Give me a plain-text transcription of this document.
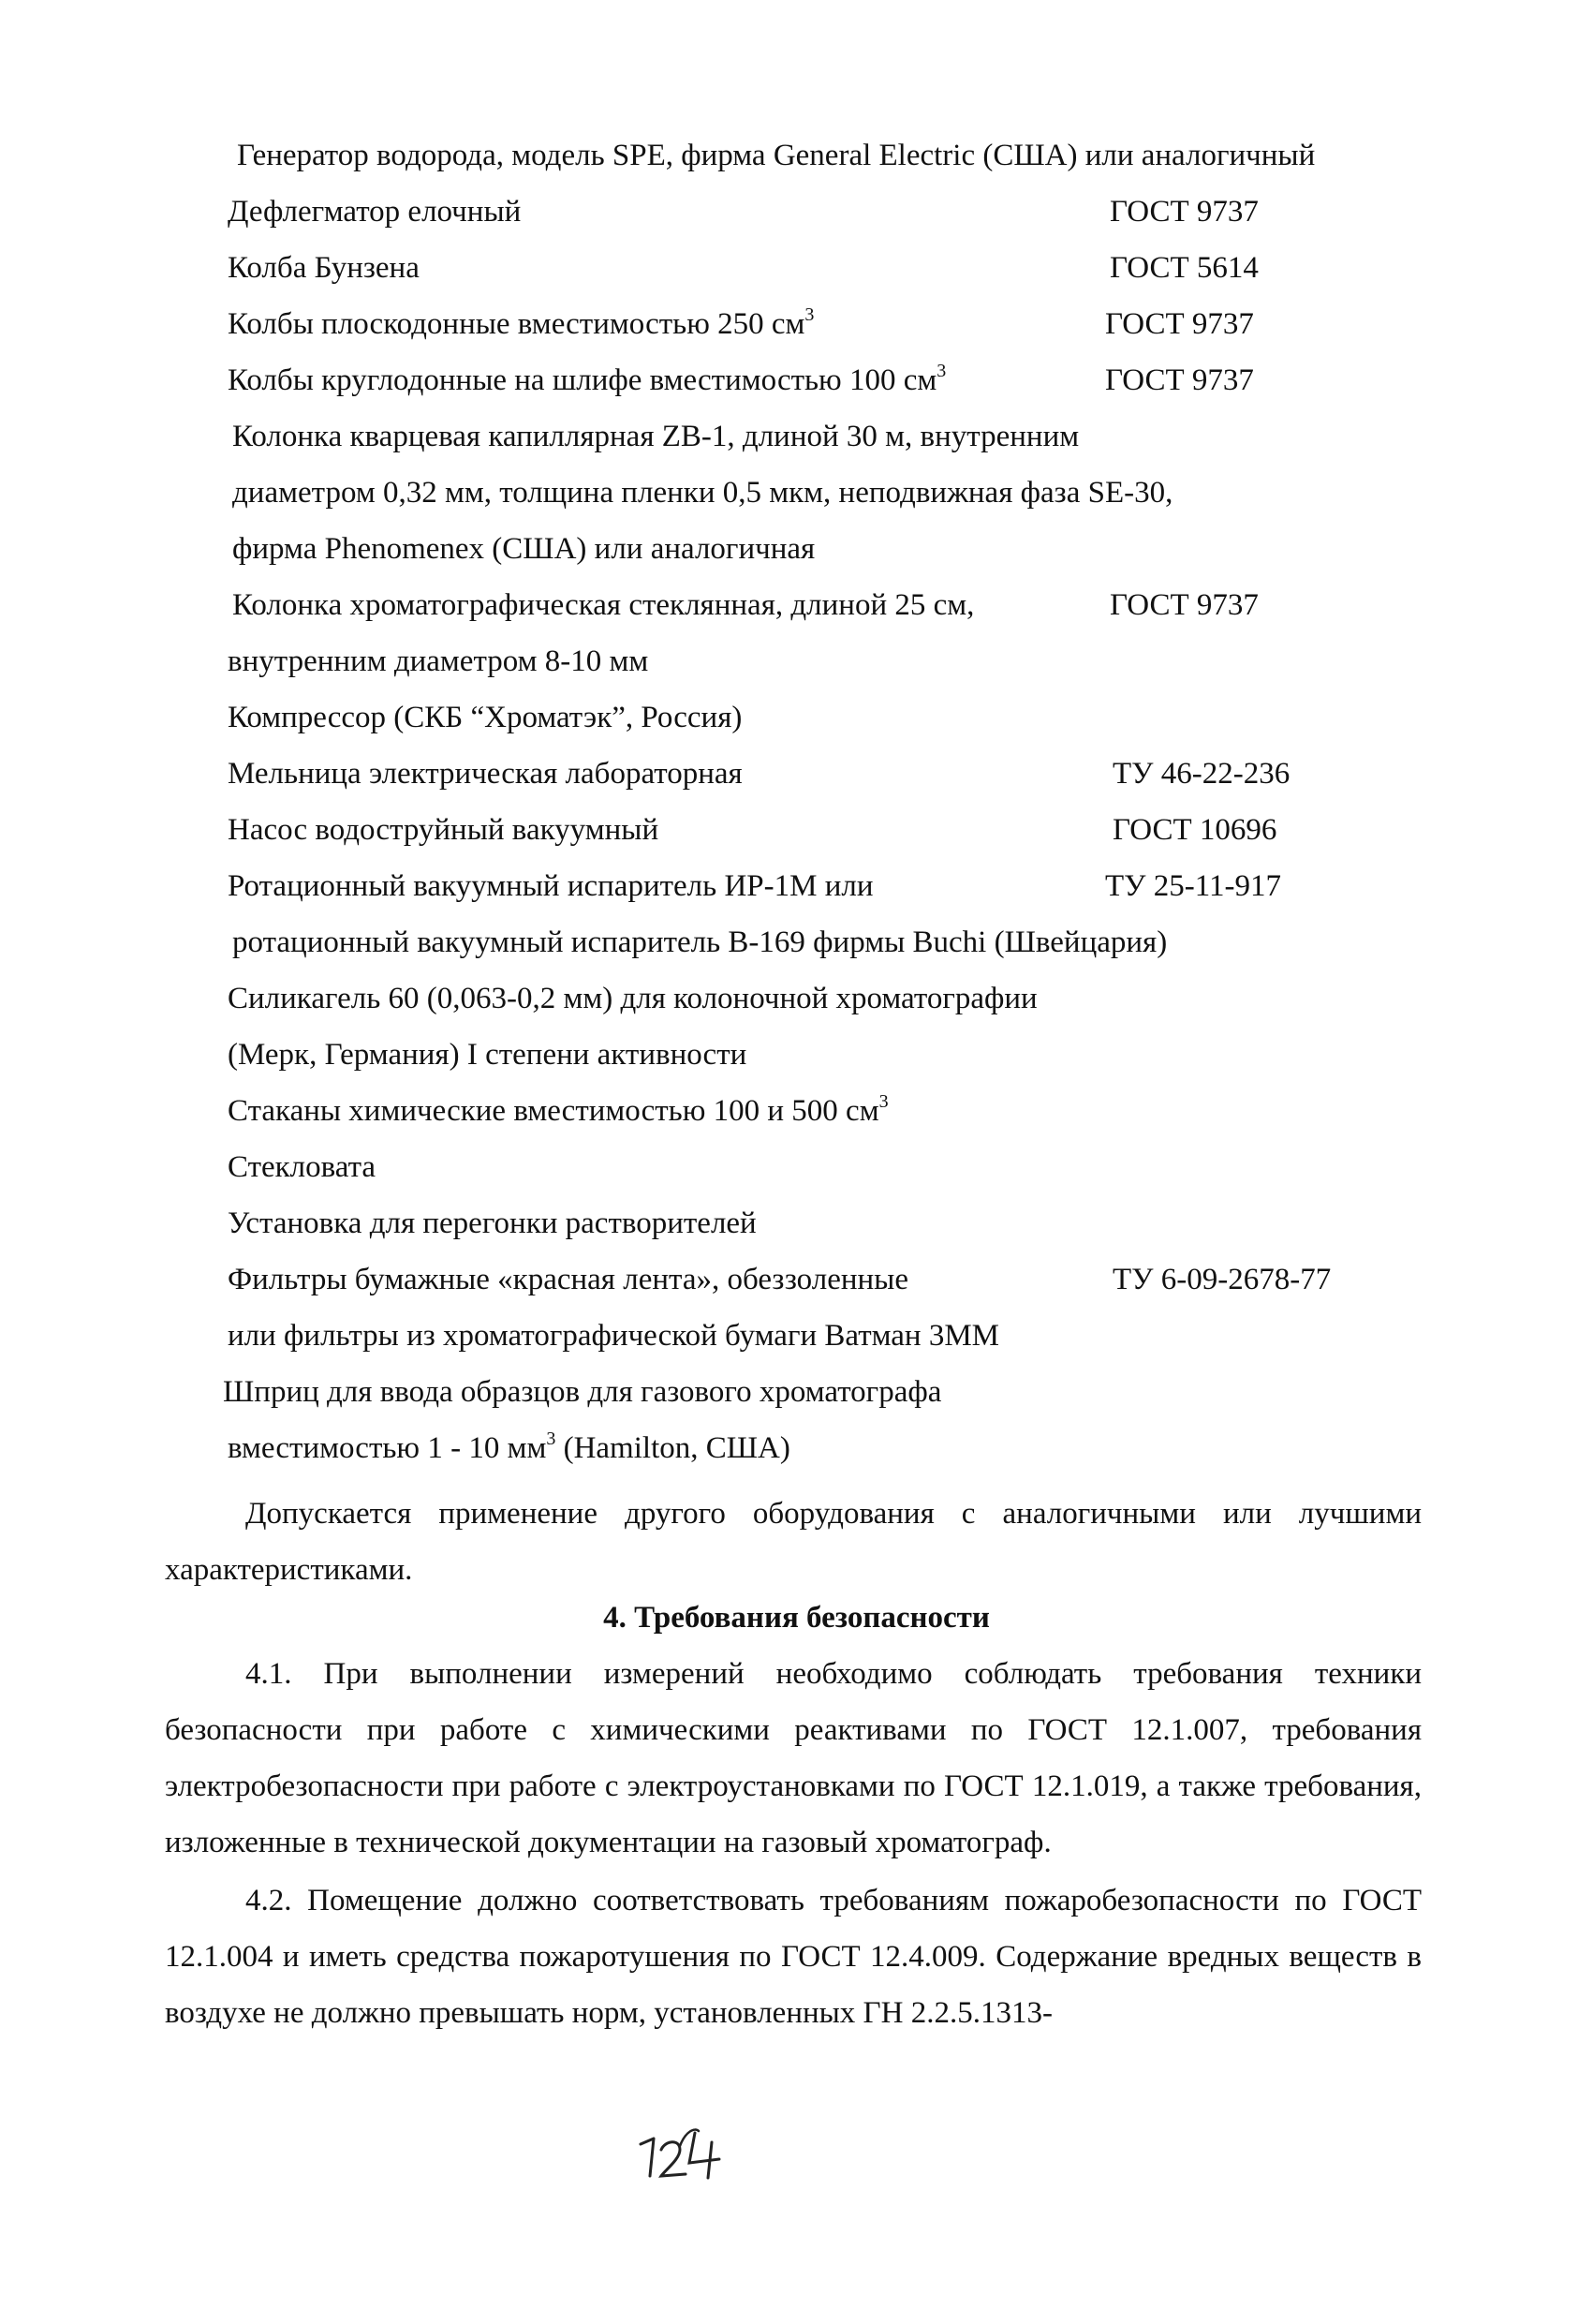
Генератор водорода, модель SPE, фирма General Electric (США) или аналогичный
Дефлегматор елочный	ГОСТ 9737
Колба Бунзена	ГОСТ 5614
Колбы плоскодонные вместимостью 250 $см^3$	ГОСТ 9737
Колбы круглодонные на шлифе вместимостью 100 $см^3$	ГОСТ 9737
Колонка кварцевая капиллярная ZB-1, длиной 30 м, внутренним
диаметром 0,32 мм, толщина пленки 0,5 мкм, неподвижная фаза SE-30,
фирма Phenomenex (США) или аналогичная
Колонка хроматографическая стеклянная, длиной 25 см,	ГОСТ 9737
внутренним диаметром 8-10 мм
Компрессор (СКБ “Хроматэк”, Россия)
Мельница электрическая лабораторная	ТУ 46-22-236
Насос водоструйный вакуумный	ГОСТ 10696
Ротационный вакуумный испаритель ИР-1М или	ТУ 25-11-917
ротационный вакуумный испаритель В-169 фирмы Buchi (Швейцария)
Силикагель 60 (0,063-0,2 мм) для колоночной хроматографии
(Мерк, Германия) I степени активности
Стаканы химические вместимостью 100 и 500 $см^3$
Стекловата
Установка для перегонки растворителей
Фильтры бумажные «красная лента», обеззоленные	ТУ 6-09-2678-77
или фильтры из хроматографической бумаги Ватман 3ММ
Шприц для ввода образцов для газового хроматографа
вместимостью 1 - 10 $мм^3$ (Hamilton, США)
Допускается применение другого оборудования с аналогичными или лучшими характеристиками.
4. Требования безопасности
4.1. При выполнении измерений необходимо соблюдать требования техники безопасности при работе с химическими реактивами по ГОСТ 12.1.007, требования электробезопасности при работе с электроустановками по ГОСТ 12.1.019, а также требования, изложенные в технической документации на газовый хроматограф.
4.2. Помещение должно соответствовать требованиям пожаробезопасности по ГОСТ 12.1.004 и иметь средства пожаротушения по ГОСТ 12.4.009. Содержание вредных веществ в воздухе не должно превышать норм, установленных ГН 2.2.5.1313-
